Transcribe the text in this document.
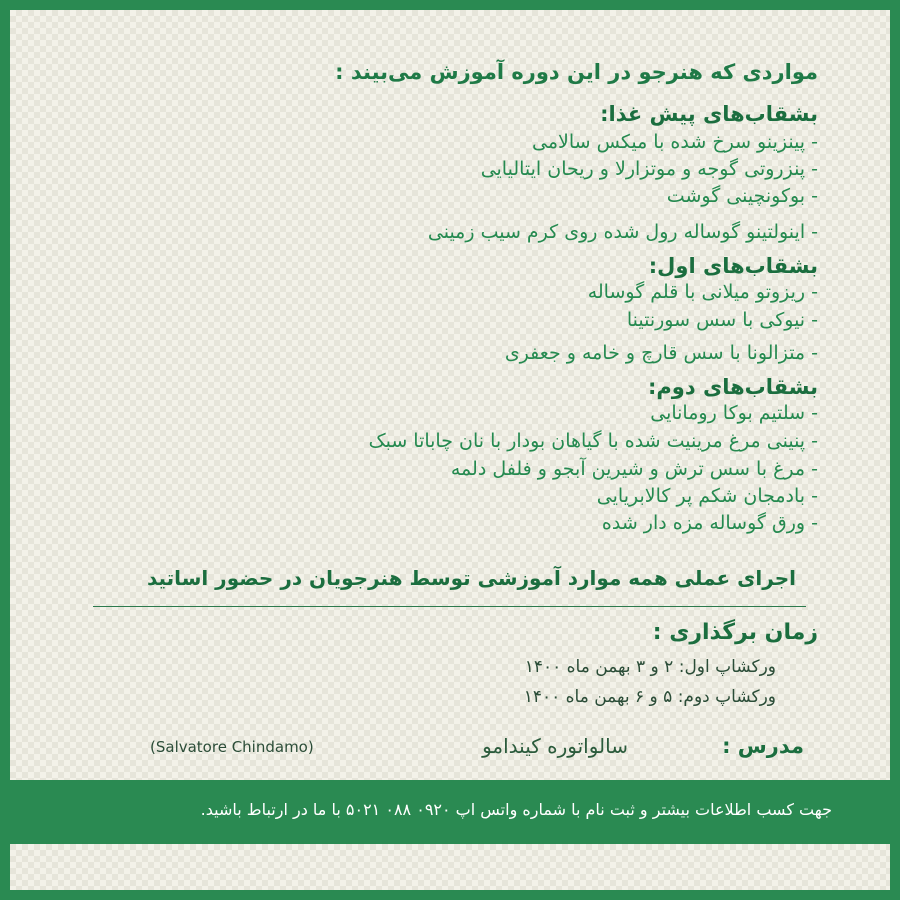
مواردی که هنرجو در این دوره آموزش می‌بیند :
بشقاب‌های پیش غذا:
- پینزینو سرخ شده با میکس سالامی
- پنزروتی گوجه و موتزارلا و ریحان ایتالیایی
- بوکونچینی گوشت
- اینولتینو گوساله رول شده روی کرم سیب زمینی
بشقاب‌های اول:
- ریزوتو میلانی با قلم گوساله
- نیوکی با سس سورنتینا
- متزالونا با سس قارچ و خامه و جعفری
بشقاب‌های دوم:
- سلتیم بوکا رومانایی
- پنینی مرغ مرینیت شده با گیاهان بودار با نان چاباتا سبک
- مرغ با سس ترش و شیرین آبجو و فلفل دلمه
- بادمجان شکم پر کالابریایی
- ورق گوساله مزه دار شده
اجرای عملی همه موارد آموزشی توسط هنرجویان در حضور اساتید
زمان برگذاری :
ورکشاپ اول: ۲ و ۳ بهمن ماه ۱۴۰۰
ورکشاپ دوم: ۵ و ۶ بهمن ماه ۱۴۰۰
مدرس :
سالواتوره کیندامو
(Salvatore Chindamo)
جهت کسب اطلاعات بیشتر و ثبت نام با شماره واتس اپ ۰۹۲۰ ۰۸۸ ۵۰۲۱ با ما در ارتباط باشید.
